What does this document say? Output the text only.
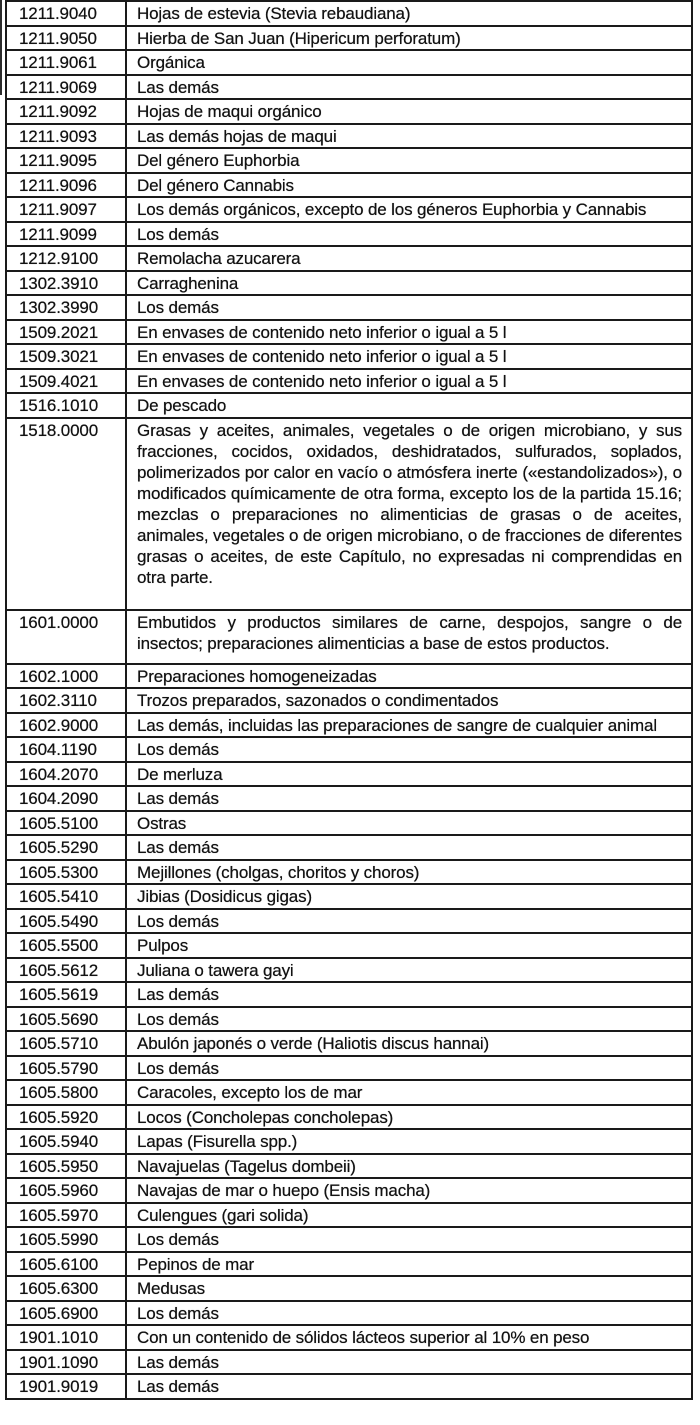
1211.9040	Hojas de estevia (Stevia rebaudiana)
1211.9050	Hierba de San Juan (Hipericum perforatum)
1211.9061	Orgánica
1211.9069	Las demás
1211.9092	Hojas de maqui orgánico
1211.9093	Las demás hojas de maqui
1211.9095	Del género Euphorbia
1211.9096	Del género Cannabis
1211.9097	Los demás orgánicos, excepto de los géneros Euphorbia y Cannabis
1211.9099	Los demás
1212.9100	Remolacha azucarera
1302.3910	Carraghenina
1302.3990	Los demás
1509.2021	En envases de contenido neto inferior o igual a 5 l
1509.3021	En envases de contenido neto inferior o igual a 5 l
1509.4021	En envases de contenido neto inferior o igual a 5 l
1516.1010	De pescado
1518.0000	Grasas y aceites, animales, vegetales o de origen microbiano, y sus fracciones, cocidos, oxidados, deshidratados, sulfurados, soplados, polimerizados por calor en vacío o atmósfera inerte («estandolizados»), o modificados químicamente de otra forma, excepto los de la partida 15.16; mezclas o preparaciones no alimenticias de grasas o de aceites, animales, vegetales o de origen microbiano, o de fracciones de diferentes grasas o aceites, de este Capítulo, no expresadas ni comprendidas en otra parte.
1601.0000	Embutidos y productos similares de carne, despojos, sangre o de insectos; preparaciones alimenticias a base de estos productos.
1602.1000	Preparaciones homogeneizadas
1602.3110	Trozos preparados, sazonados o condimentados
1602.9000	Las demás, incluidas las preparaciones de sangre de cualquier animal
1604.1190	Los demás
1604.2070	De merluza
1604.2090	Las demás
1605.5100	Ostras
1605.5290	Las demás
1605.5300	Mejillones (cholgas, choritos y choros)
1605.5410	Jibias (Dosidicus gigas)
1605.5490	Los demás
1605.5500	Pulpos
1605.5612	Juliana o tawera gayi
1605.5619	Las demás
1605.5690	Los demás
1605.5710	Abulón japonés o verde (Haliotis discus hannai)
1605.5790	Los demás
1605.5800	Caracoles, excepto los de mar
1605.5920	Locos (Concholepas concholepas)
1605.5940	Lapas (Fisurella spp.)
1605.5950	Navajuelas (Tagelus dombeii)
1605.5960	Navajas de mar o huepo (Ensis macha)
1605.5970	Culengues (gari solida)
1605.5990	Los demás
1605.6100	Pepinos de mar
1605.6300	Medusas
1605.6900	Los demás
1901.1010	Con un contenido de sólidos lácteos superior al 10% en peso
1901.1090	Las demás
1901.9019	Las demás
